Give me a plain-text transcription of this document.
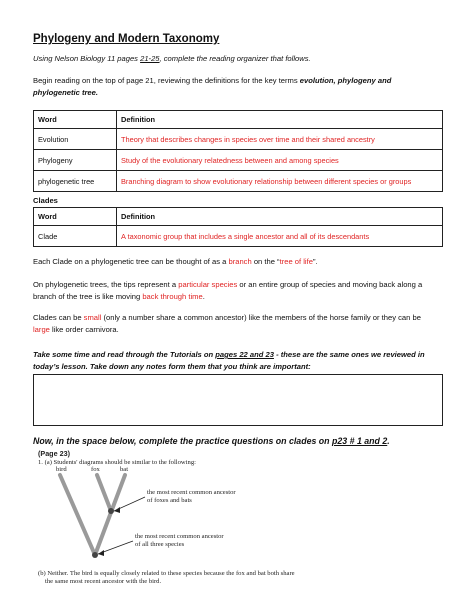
Phylogeny and Modern Taxonomy
Using Nelson Biology 11 pages 21-25, complete the reading organizer that follows.
Begin reading on the top of page 21, reviewing the definitions for the key terms evolution, phylogeny and
phylogenetic tree.
Word	Definition
Evolution	Theory that describes changes in species over time and their shared ancestry
Phylogeny	Study of the evolutionary relatedness between and among species
phylogenetic tree	Branching diagram to show evolutionary relationship between different species or groups
Clades
Word	Definition
Clade	A taxonomic group that includes a single ancestor and all of its descendants
Each Clade on a phylogenetic tree can be thought of as a branch on the “tree of life”.
On phylogenetic trees, the tips represent a particular species or an entire group of species and moving back along a
branch of the tree is like moving back through time.
Clades can be small (only a number share a common ancestor) like the members of the horse family or they can be
large like order carnivora.
Take some time and read through the Tutorials on pages 22 and 23 - these are the same ones we reviewed in
today’s lesson. Take down any notes form them that you think are important:
Now, in the space below, complete the practice questions on clades on p23 # 1 and 2.
(Page 23)
1. (a) Students' diagrams should be similar to the following:
bird	fox	bat
the most recent common ancestor
of foxes and bats
the most recent common ancestor
of all three species
(b) Neither. The bird is equally closely related to these species because the fox and bat both share
the same most recent ancestor with the bird.
